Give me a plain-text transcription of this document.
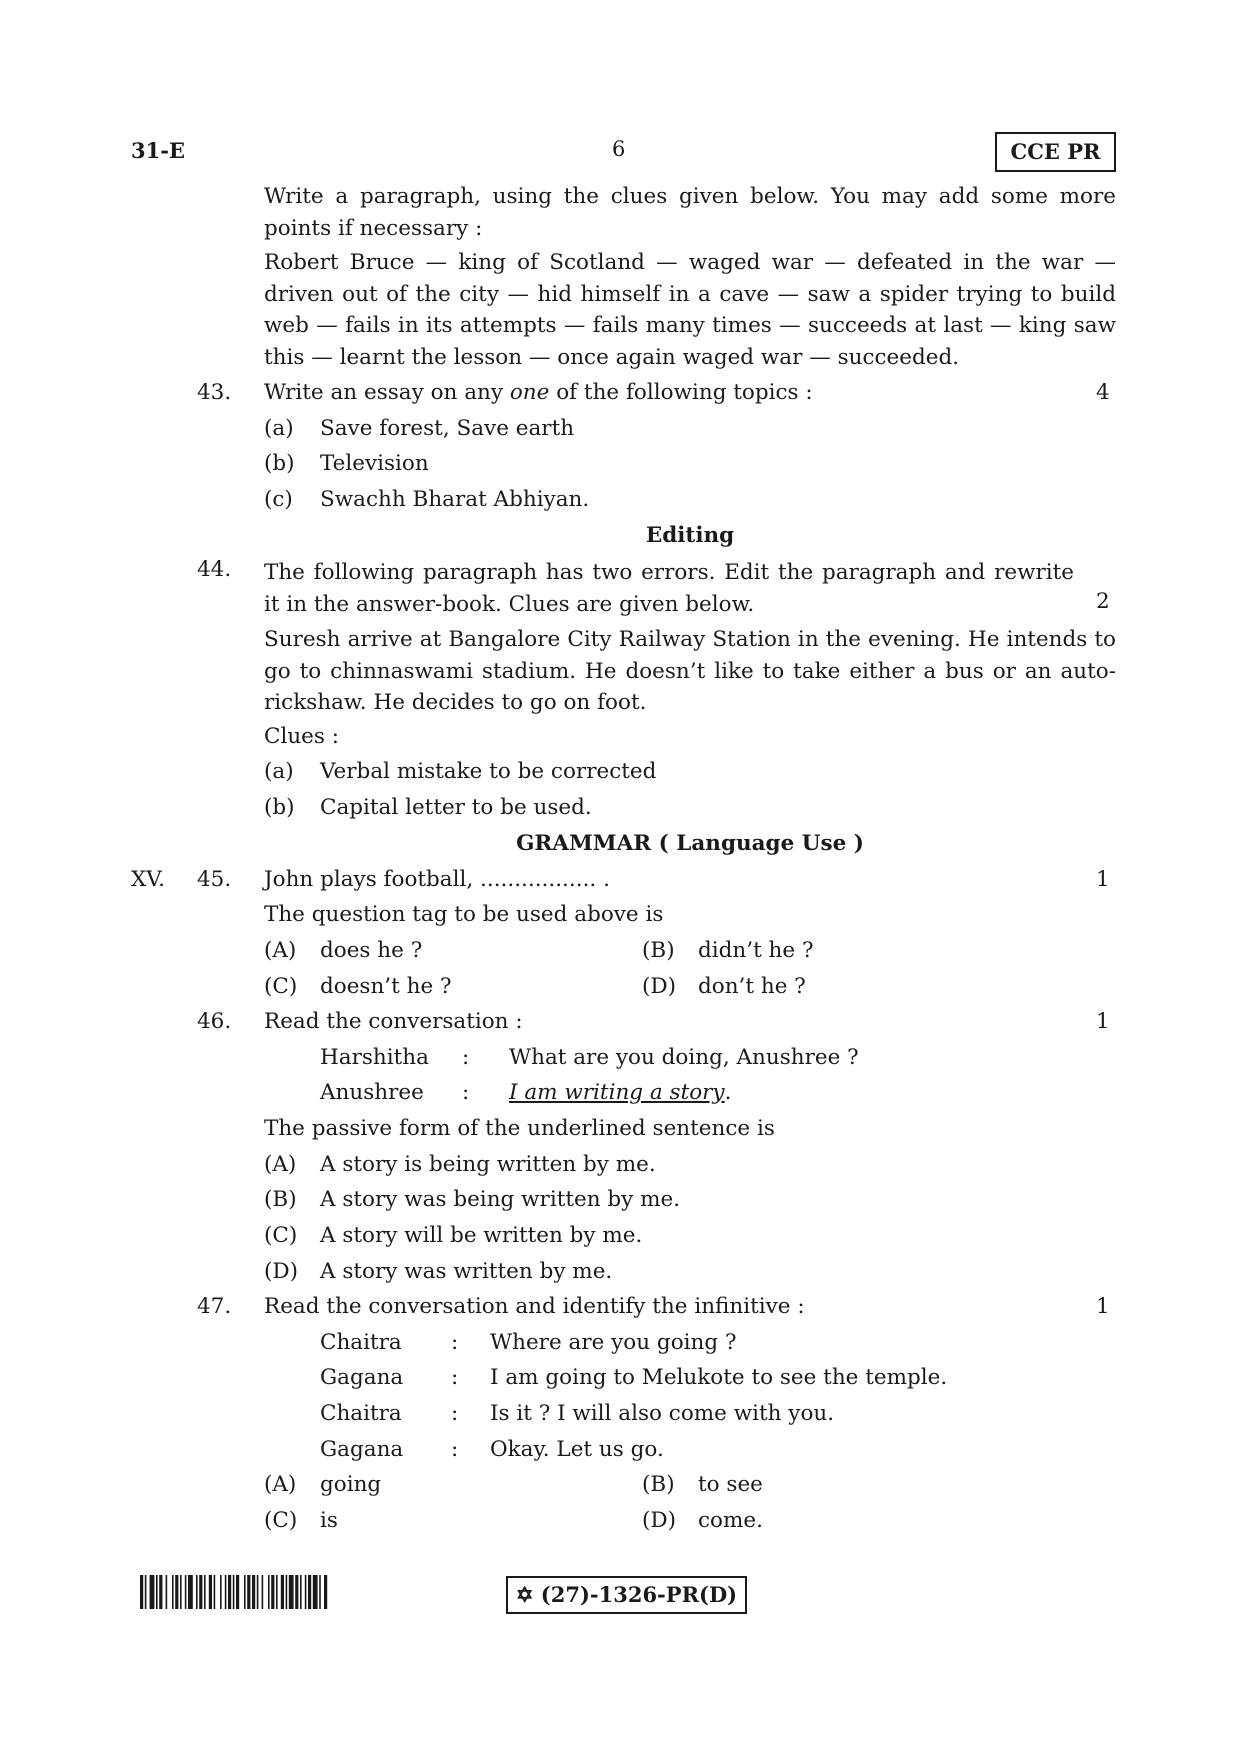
31-E	6	CCE PR

Write a paragraph, using the clues given below. You may add some more points if necessary :

Robert Bruce — king of Scotland — waged war — defeated in the war — driven out of the city — hid himself in a cave — saw a spider trying to build web — fails in its attempts — fails many times — succeeds at last — king saw this — learnt the lesson — once again waged war — succeeded.

43. Write an essay on any one of the following topics :	4
(a) Save forest, Save earth
(b) Television
(c) Swachh Bharat Abhiyan.
Editing
44. The following paragraph has two errors. Edit the paragraph and rewrite it in the answer-book. Clues are given below.	2
Suresh arrive at Bangalore City Railway Station in the evening. He intends to go to chinnaswami stadium. He doesn’t like to take either a bus or an auto-rickshaw. He decides to go on foot.
Clues :
(a) Verbal mistake to be corrected
(b) Capital letter to be used.
GRAMMAR ( Language Use )
XV. 45. John plays football, ................. .	1
The question tag to be used above is
(A) does he ?	(B) didn’t he ?
(C) doesn’t he ?	(D) don’t he ?
46. Read the conversation :	1
Harshitha : What are you doing, Anushree ?
Anushree : I am writing a story.
The passive form of the underlined sentence is
(A) A story is being written by me.
(B) A story was being written by me.
(C) A story will be written by me.
(D) A story was written by me.
47. Read the conversation and identify the infinitive :	1
Chaitra : Where are you going ?
Gagana : I am going to Melukote to see the temple.
Chaitra : Is it ? I will also come with you.
Gagana : Okay. Let us go.
(A) going	(B) to see
(C) is	(D) come.
✡ (27)-1326-PR(D)
